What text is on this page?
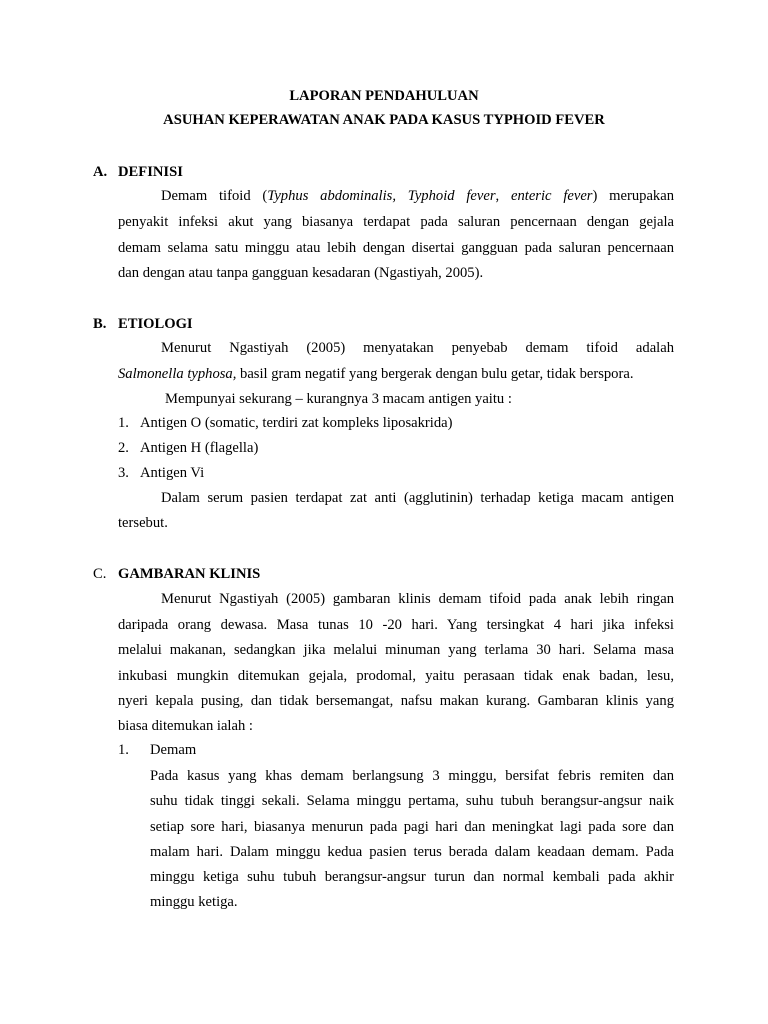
LAPORAN PENDAHULUAN
ASUHAN KEPERAWATAN ANAK PADA KASUS TYPHOID FEVER
A. DEFINISI
Demam tifoid (Typhus abdominalis, Typhoid fever, enteric fever) merupakan
penyakit infeksi akut yang biasanya terdapat pada saluran pencernaan dengan gejala
demam selama satu minggu atau lebih dengan disertai gangguan pada saluran pencernaan
dan dengan atau tanpa gangguan kesadaran (Ngastiyah, 2005).
B. ETIOLOGI
Menurut Ngastiyah (2005) menyatakan penyebab demam tifoid adalah
Salmonella typhosa, basil gram negatif yang bergerak dengan bulu getar, tidak berspora.
Mempunyai sekurang – kurangnya 3 macam antigen yaitu :
1. Antigen O (somatic, terdiri zat kompleks liposakrida)
2. Antigen H (flagella)
3. Antigen Vi
Dalam serum pasien terdapat zat anti (agglutinin) terhadap ketiga macam antigen
tersebut.
C. GAMBARAN KLINIS
Menurut Ngastiyah (2005) gambaran klinis demam tifoid pada anak lebih ringan
daripada orang dewasa. Masa tunas 10 -20 hari. Yang tersingkat 4 hari jika infeksi
melalui makanan, sedangkan jika melalui minuman yang terlama 30 hari. Selama masa
inkubasi mungkin ditemukan gejala, prodomal, yaitu perasaan tidak enak badan, lesu,
nyeri kepala pusing, dan tidak bersemangat, nafsu makan kurang. Gambaran klinis yang
biasa ditemukan ialah :
1. Demam
Pada kasus yang khas demam berlangsung 3 minggu, bersifat febris remiten dan
suhu tidak tinggi sekali. Selama minggu pertama, suhu tubuh berangsur-angsur naik
setiap sore hari, biasanya menurun pada pagi hari dan meningkat lagi pada sore dan
malam hari. Dalam minggu kedua pasien terus berada dalam keadaan demam. Pada
minggu ketiga suhu tubuh berangsur-angsur turun dan normal kembali pada akhir
minggu ketiga.
